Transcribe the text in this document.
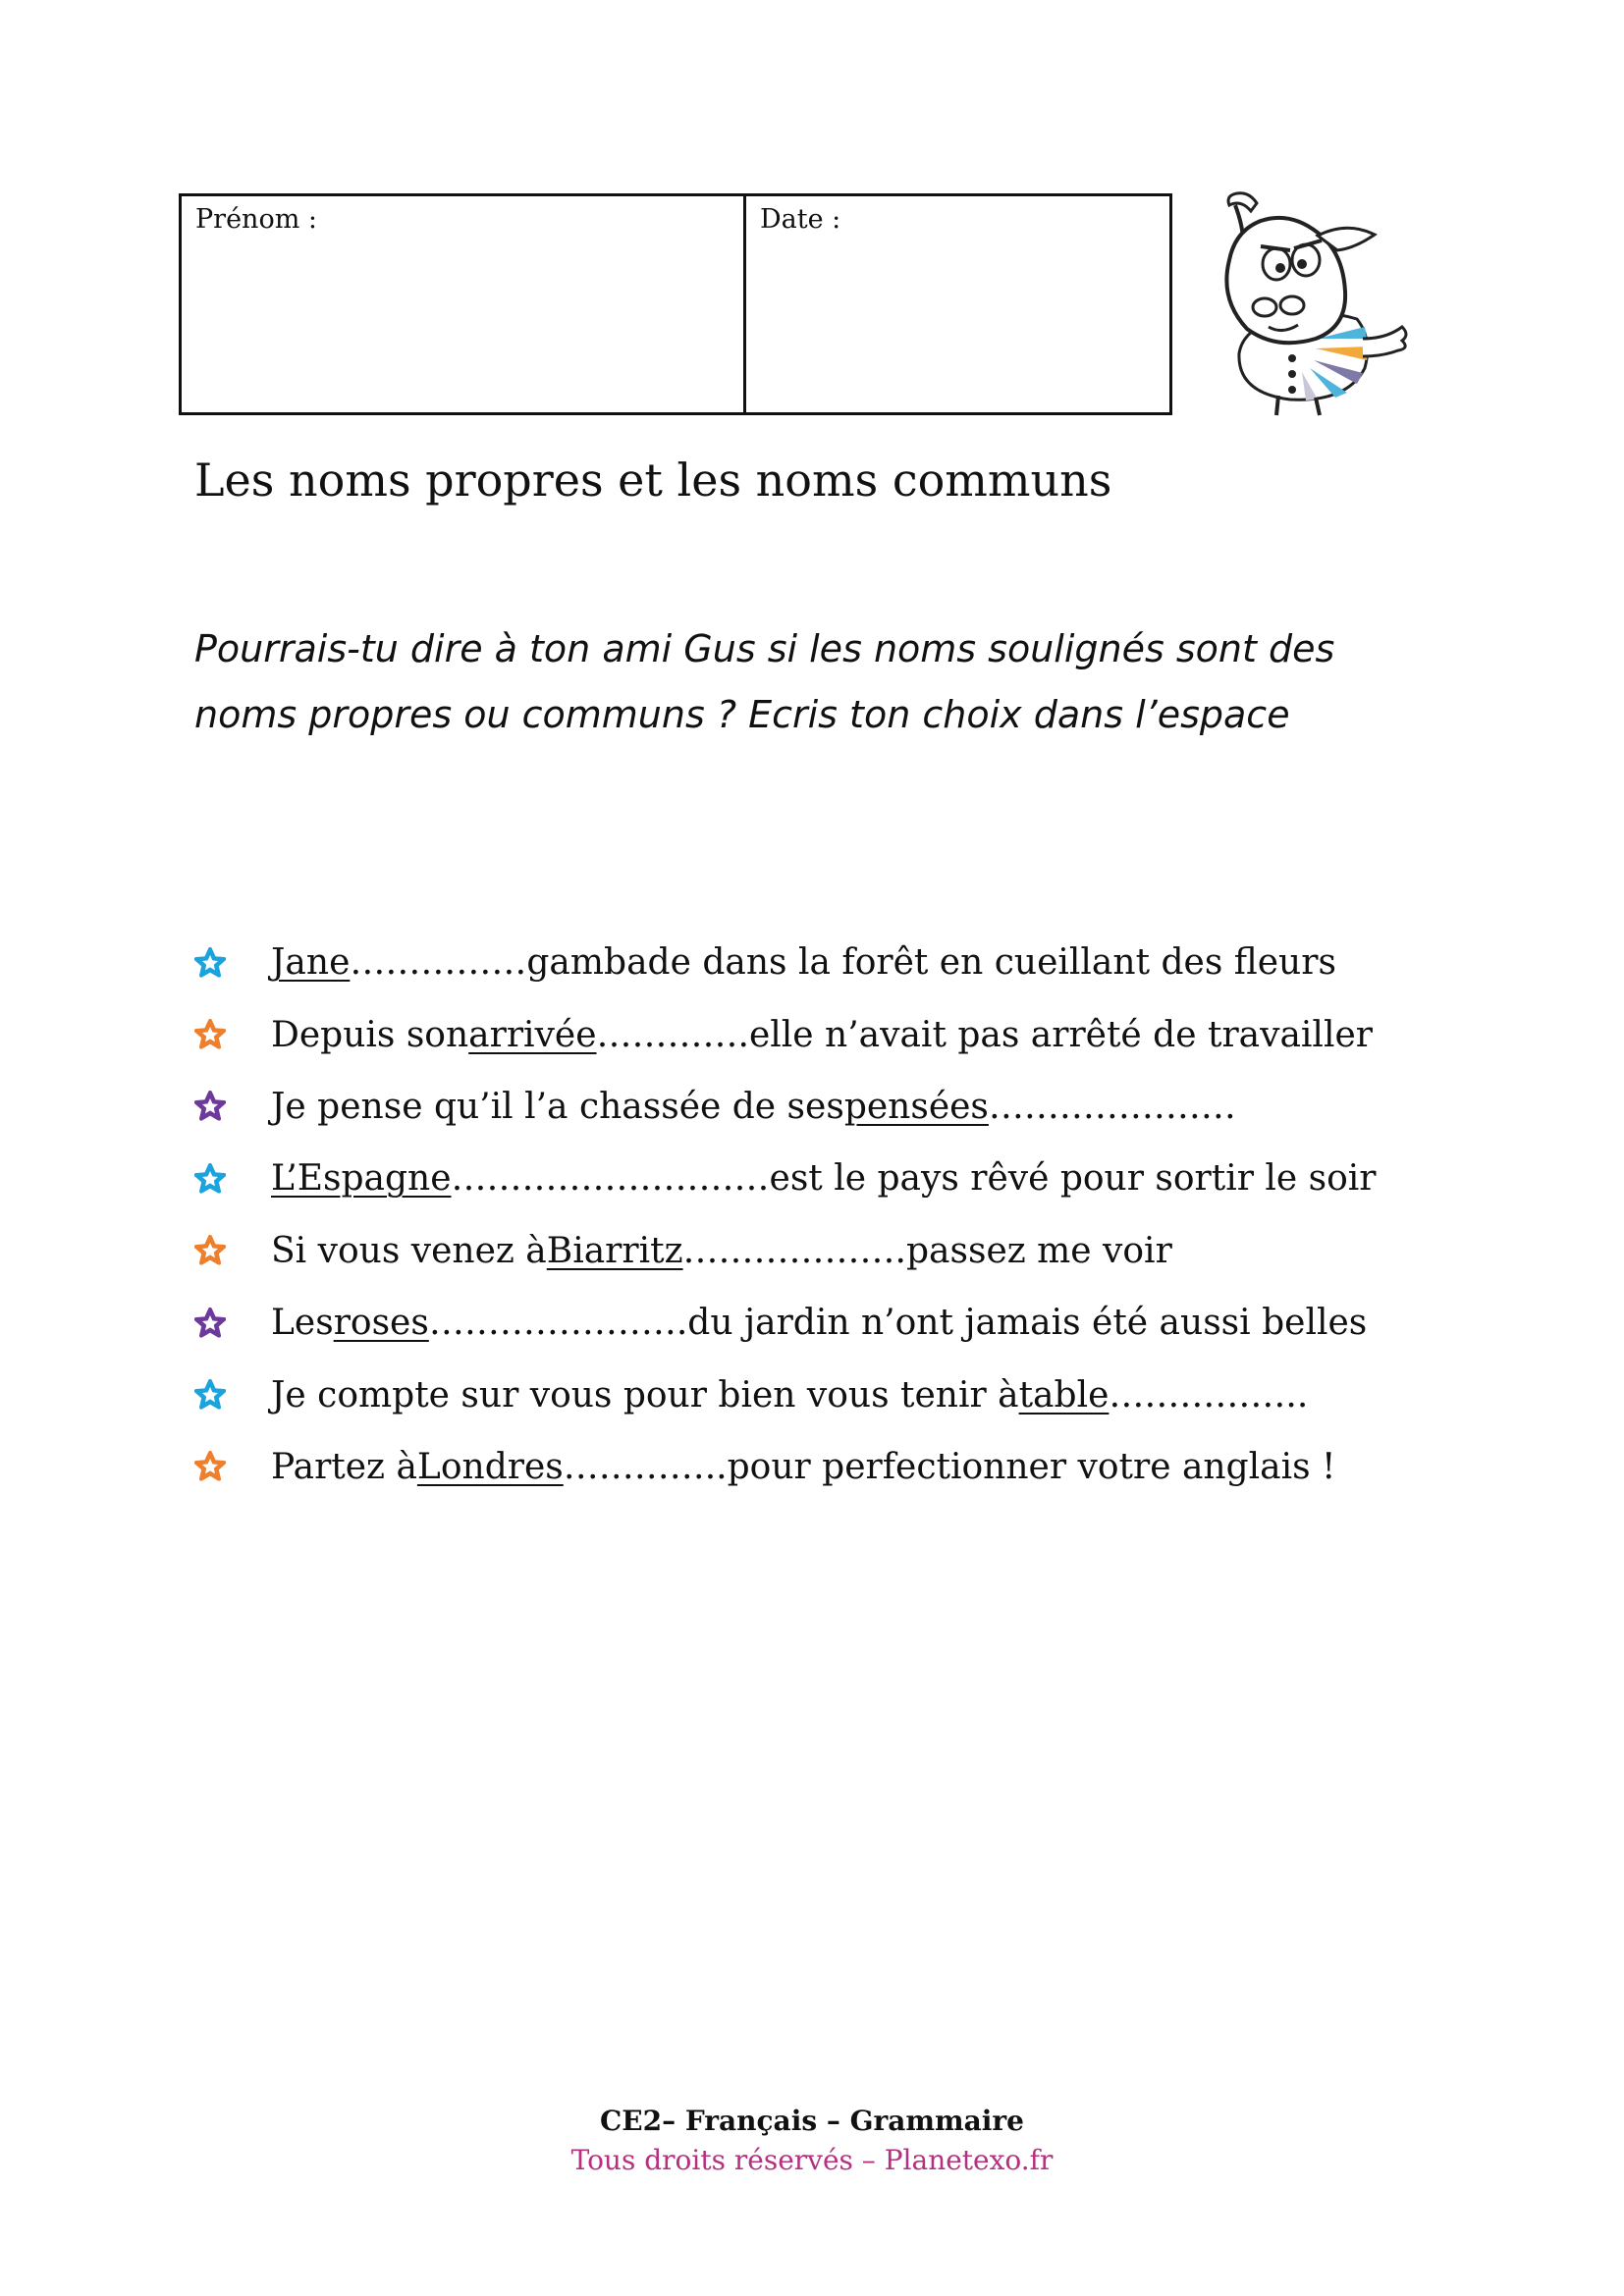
Prénom :	Date :
Les noms propres et les noms communs

Pourrais-tu dire à ton ami Gus si les noms soulignés sont des noms propres ou communs ? Ecris ton choix dans l’espace

Jane ……………gambade dans la forêt en cueillant des fleurs
Depuis son arrivée ………….elle n’avait pas arrêté de travailler
Je pense qu’il l’a chassée de ses pensées …………………
L’Espagne ………………………est le pays rêvé pour sortir le soir
Si vous venez à Biarritz ……………….passez me voir
Les roses ………………….du jardin n’ont jamais été aussi belles
Je compte sur vous pour bien vous tenir à table ……………..
Partez à Londres …………..pour perfectionner votre anglais !
CE2– Français – Grammaire
Tous droits réservés – Planetexo.fr
